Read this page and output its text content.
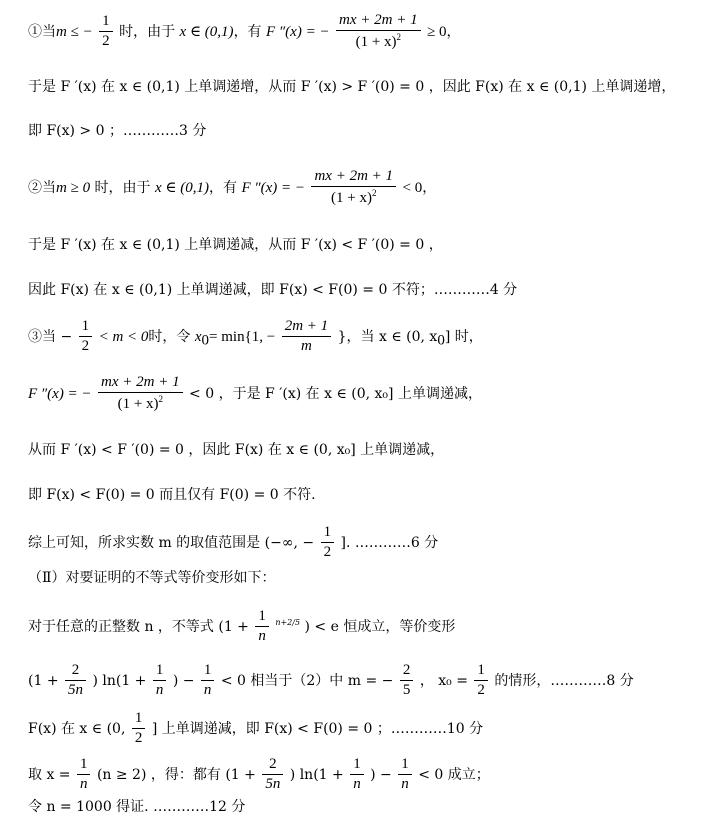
①当m ≤ − $\frac{1}{2}$ 时，由于 x ∈ (0,1)，有 F ″(x) = − $\frac{mx + 2m + 1}{(1 + x)^2} \ge 0$，
于是 F ′(x) 在 x ∈ (0,1) 上单调递增，从而 F ′(x) > F ′(0) = 0 ，因此 F(x) 在 x ∈ (0,1) 上单调递增，
即 F(x) > 0 ；…………3 分
②当m ≥ 0 时，由于 x ∈ (0,1)，有 F ″(x) = − $\frac{mx + 2m + 1}{(1 + x)^2} < 0$，
于是 F ′(x) 在 x ∈ (0,1) 上单调递减，从而 F ′(x) < F ′(0) = 0 ，
因此 F(x) 在 x ∈ (0,1) 上单调递减，即 F(x) < F(0) = 0 不符；…………4 分
③当 − $\frac{1}{2} < m < 0$时，令 $x_0= \min\{1$, − $\frac{2m + 1}{m}$ }，当 x ∈ (0, $x_0$] 时，
F ″(x) = − $\frac{mx + 2m + 1}{(1 + x)^2} < 0$ ，于是 F ′(x) 在 x ∈ (0, x₀] 上单调递减，
从而 F ′(x) < F ′(0) = 0 ，因此 F(x) 在 x ∈ (0, x₀] 上单调递减，
即 F(x) < F(0) = 0 而且仅有 F(0) = 0 不符.
综上可知，所求实数 m 的取值范围是 (−∞, − $\frac{1}{2}$ ]. …………6 分
（Ⅱ）对要证明的不等式等价变形如下：
对于任意的正整数 n ，不等式 ($1 + \frac{1}{n} ^{n+2/5}$ ) < e 恒成立，等价变形
($1 + \frac{2}{5n}$ ) $\ln(1 + \frac{1}{n}$ ) − $\frac{1}{n} < 0$ 相当于（2）中 m = − $\frac{2}{5}$ ， $x_0 = \frac{1}{2}$ 的情形，…………8 分
F(x) 在 x ∈ (0, $\frac{1}{2}$ ] 上单调递减，即 F(x) < F(0) = 0 ；…………10 分
取 $x = \frac{1}{n} (n \ge 2)$ ，得：都有 ($1 + \frac{2}{5n}$ ) $\ln(1 + \frac{1}{n}$ ) − $\frac{1}{n} < 0$ 成立；
令 n = 1000 得证. …………12 分
